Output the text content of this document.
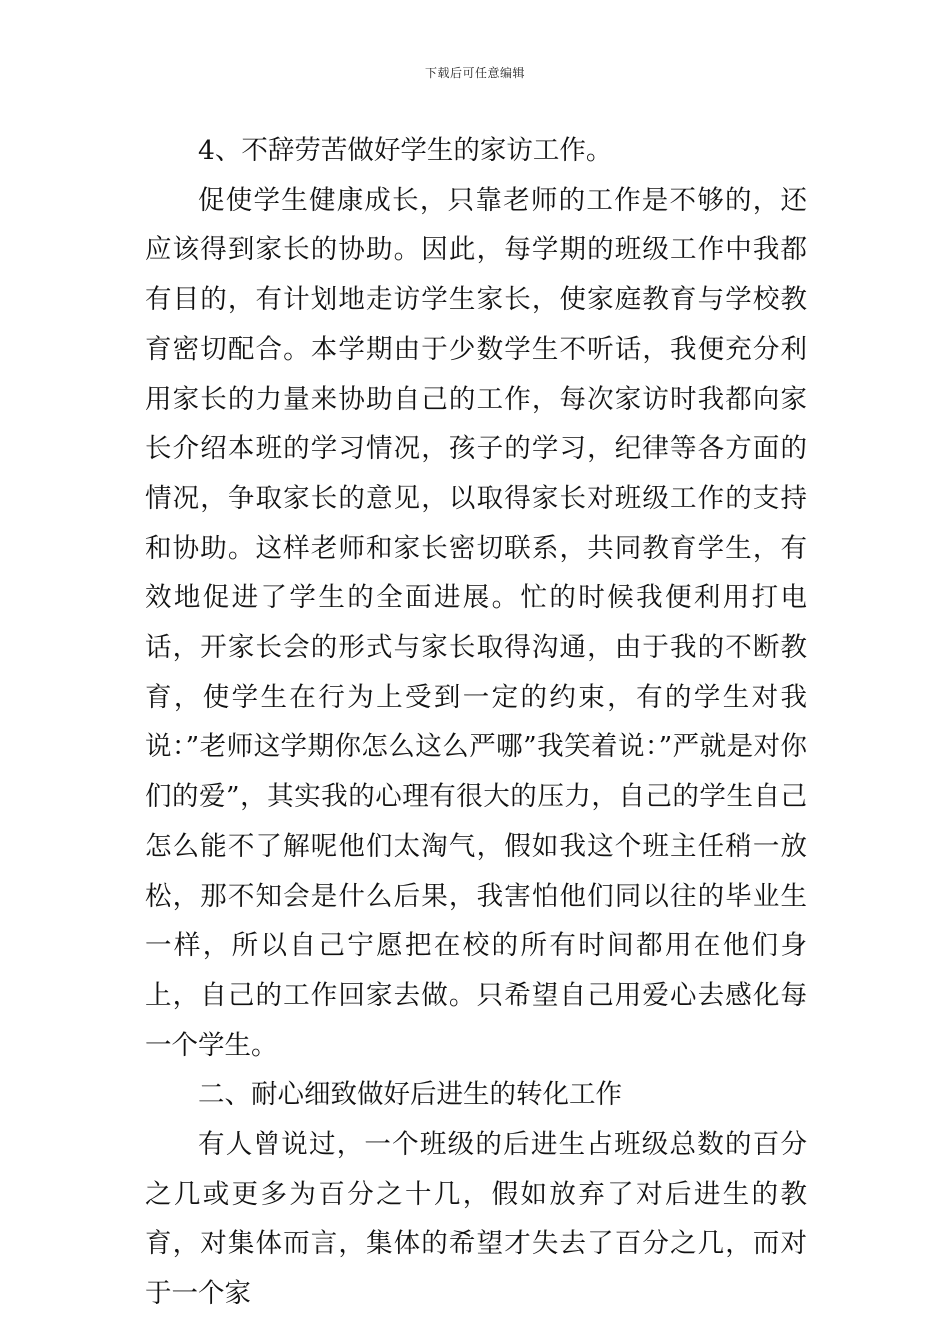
下载后可任意编辑

4、不辞劳苦做好学生的家访工作。

促使学生健康成长，只靠老师的工作是不够的，还应该得到家长的协助。因此，每学期的班级工作中我都有目的，有计划地走访学生家长，使家庭教育与学校教育密切配合。本学期由于少数学生不听话，我便充分利用家长的力量来协助自己的工作，每次家访时我都向家长介绍本班的学习情况，孩子的学习，纪律等各方面的情况，争取家长的意见，以取得家长对班级工作的支持和协助。这样老师和家长密切联系，共同教育学生，有效地促进了学生的全面进展。忙的时候我便利用打电话，开家长会的形式与家长取得沟通，由于我的不断教育，使学生在行为上受到一定的约束，有的学生对我说：”老师这学期你怎么这么严哪”我笑着说：”严就是对你们的爱”，其实我的心理有很大的压力，自己的学生自己怎么能不了解呢他们太淘气，假如我这个班主任稍一放松，那不知会是什么后果，我害怕他们同以往的毕业生一样，所以自己宁愿把在校的所有时间都用在他们身上，自己的工作回家去做。只希望自己用爱心去感化每一个学生。

二、耐心细致做好后进生的转化工作

有人曾说过，一个班级的后进生占班级总数的百分之几或更多为百分之十几，假如放弃了对后进生的教育，对集体而言，集体的希望才失去了百分之几，而对于一个家
